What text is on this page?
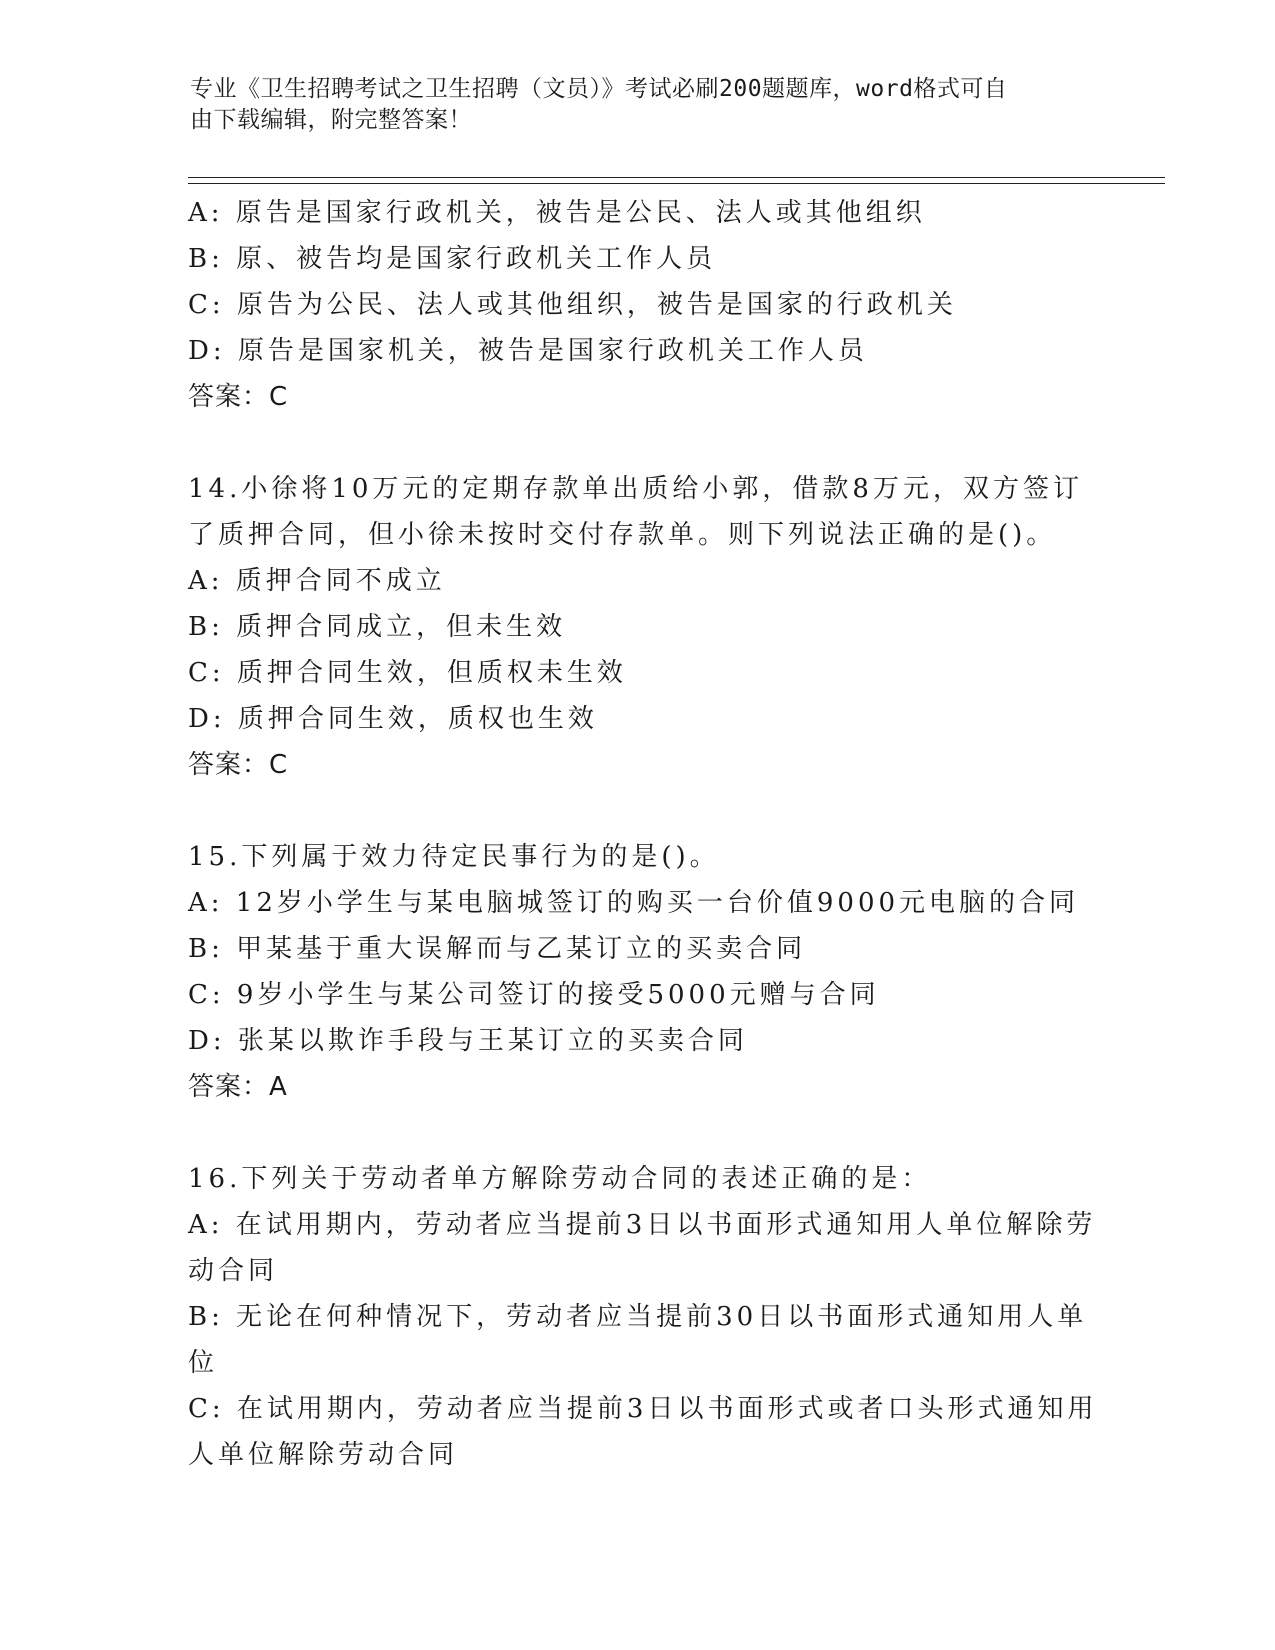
专业《卫生招聘考试之卫生招聘（文员）》考试必刷200题题库，word格式可自
由下载编辑，附完整答案！
A: 原告是国家行政机关，被告是公民、法人或其他组织
B: 原、被告均是国家行政机关工作人员
C: 原告为公民、法人或其他组织，被告是国家的行政机关
D: 原告是国家机关，被告是国家行政机关工作人员
答案：C
14.小徐将10万元的定期存款单出质给小郭，借款8万元，双方签订
了质押合同，但小徐未按时交付存款单。则下列说法正确的是()。
A: 质押合同不成立
B: 质押合同成立，但未生效
C: 质押合同生效，但质权未生效
D: 质押合同生效，质权也生效
答案：C
15.下列属于效力待定民事行为的是()。
A: 12岁小学生与某电脑城签订的购买一台价值9000元电脑的合同
B: 甲某基于重大误解而与乙某订立的买卖合同
C: 9岁小学生与某公司签订的接受5000元赠与合同
D: 张某以欺诈手段与王某订立的买卖合同
答案：A
16.下列关于劳动者单方解除劳动合同的表述正确的是：
A: 在试用期内，劳动者应当提前3日以书面形式通知用人单位解除劳
动合同
B: 无论在何种情况下，劳动者应当提前30日以书面形式通知用人单
位
C: 在试用期内，劳动者应当提前3日以书面形式或者口头形式通知用
人单位解除劳动合同
